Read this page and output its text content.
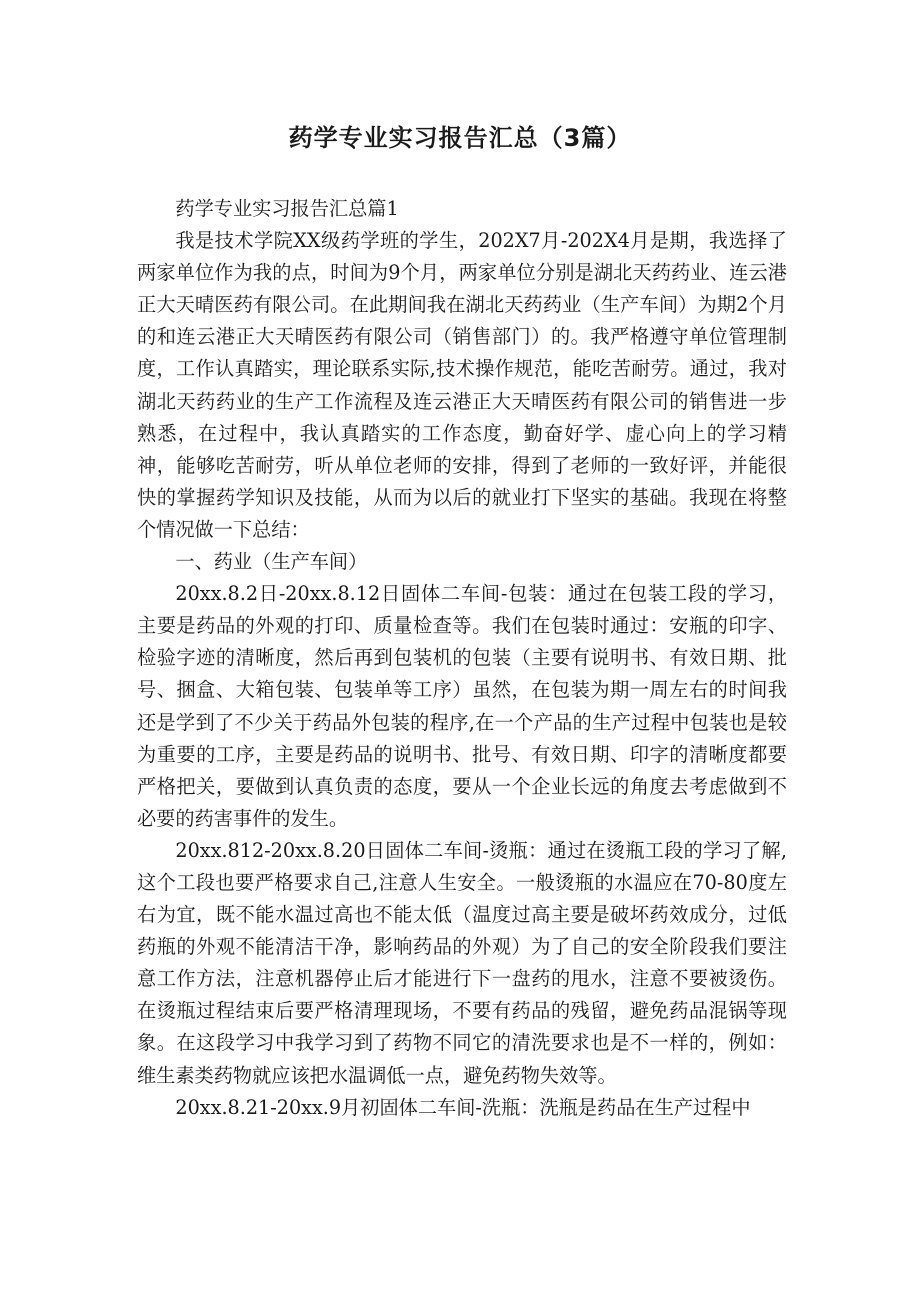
药学专业实习报告汇总（3篇）

药学专业实习报告汇总篇1

我是技术学院XX级药学班的学生，202X7月-202X4月是期，我选择了两家单位作为我的点，时间为9个月，两家单位分别是湖北天药药业、连云港正大天晴医药有限公司。在此期间我在湖北天药药业（生产车间）为期2个月的和连云港正大天晴医药有限公司（销售部门）的。我严格遵守单位管理制度，工作认真踏实，理论联系实际,技术操作规范，能吃苦耐劳。通过，我对湖北天药药业的生产工作流程及连云港正大天晴医药有限公司的销售进一步熟悉，在过程中，我认真踏实的工作态度，勤奋好学、虚心向上的学习精神，能够吃苦耐劳，听从单位老师的安排，得到了老师的一致好评，并能很快的掌握药学知识及技能，从而为以后的就业打下坚实的基础。我现在将整个情况做一下总结：

一、药业（生产车间）

20xx.8.2日-20xx.8.12日固体二车间-包装：通过在包装工段的学习，主要是药品的外观的打印、质量检查等。我们在包装时通过：安瓶的印字、检验字迹的清晰度，然后再到包装机的包装（主要有说明书、有效日期、批号、捆盒、大箱包装、包装单等工序）虽然，在包装为期一周左右的时间我还是学到了不少关于药品外包装的程序,在一个产品的生产过程中包装也是较为重要的工序，主要是药品的说明书、批号、有效日期、印字的清晰度都要严格把关，要做到认真负责的态度，要从一个企业长远的角度去考虑做到不必要的药害事件的发生。

20xx.812-20xx.8.20日固体二车间-烫瓶：通过在烫瓶工段的学习了解,这个工段也要严格要求自己,注意人生安全。一般烫瓶的水温应在70-80度左右为宜，既不能水温过高也不能太低（温度过高主要是破坏药效成分，过低药瓶的外观不能清洁干净，影响药品的外观）为了自己的安全阶段我们要注意工作方法，注意机器停止后才能进行下一盘药的甩水，注意不要被烫伤。在烫瓶过程结束后要严格清理现场，不要有药品的残留，避免药品混锅等现象。在这段学习中我学习到了药物不同它的清洗要求也是不一样的，例如：维生素类药物就应该把水温调低一点，避免药物失效等。

20xx.8.21-20xx.9月初固体二车间-洗瓶：洗瓶是药品在生产过程中
